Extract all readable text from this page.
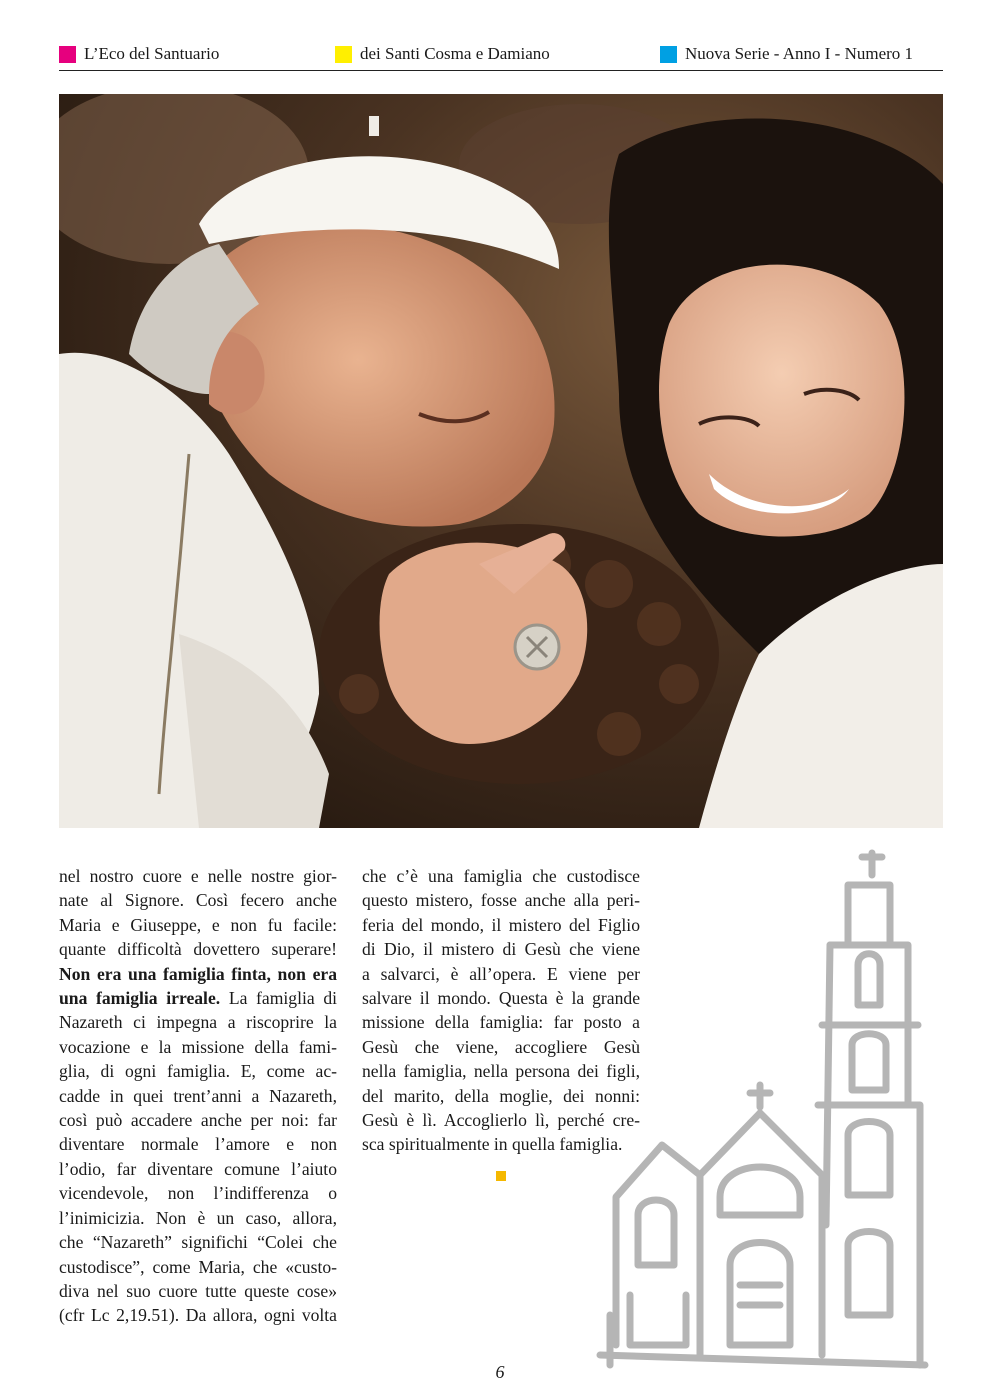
L’Eco del Santuario	dei Santi Cosma e Damiano	Nuova Serie - Anno I - Numero 1
nel nostro cuore e nelle nostre gior-
nate al Signore. Così fecero anche
Maria e Giuseppe, e non fu facile:
quante difficoltà dovettero superare!
Non era una famiglia finta, non era
una famiglia irreale. La famiglia di
Nazareth ci impegna a riscoprire la
vocazione e la missione della fami-
glia, di ogni famiglia. E, come ac-
cadde in quei trent’anni a Nazareth,
così può accadere anche per noi: far
diventare normale l’amore e non
l’odio, far diventare comune l’aiuto
vicendevole, non l’indifferenza o
l’inimicizia. Non è un caso, allora,
che “Nazareth” significhi “Colei che
custodisce”, come Maria, che «custo-
diva nel suo cuore tutte queste cose»
(cfr Lc 2,19.51). Da allora, ogni volta
che c’è una famiglia che custodisce
questo mistero, fosse anche alla peri-
feria del mondo, il mistero del Figlio
di Dio, il mistero di Gesù che viene
a salvarci, è all’opera. E viene per
salvare il mondo. Questa è la grande
missione della famiglia: far posto a
Gesù che viene, accogliere Gesù
nella famiglia, nella persona dei figli,
del marito, della moglie, dei nonni:
Gesù è lì. Accoglierlo lì, perché cre-
sca spiritualmente in quella famiglia.
6
